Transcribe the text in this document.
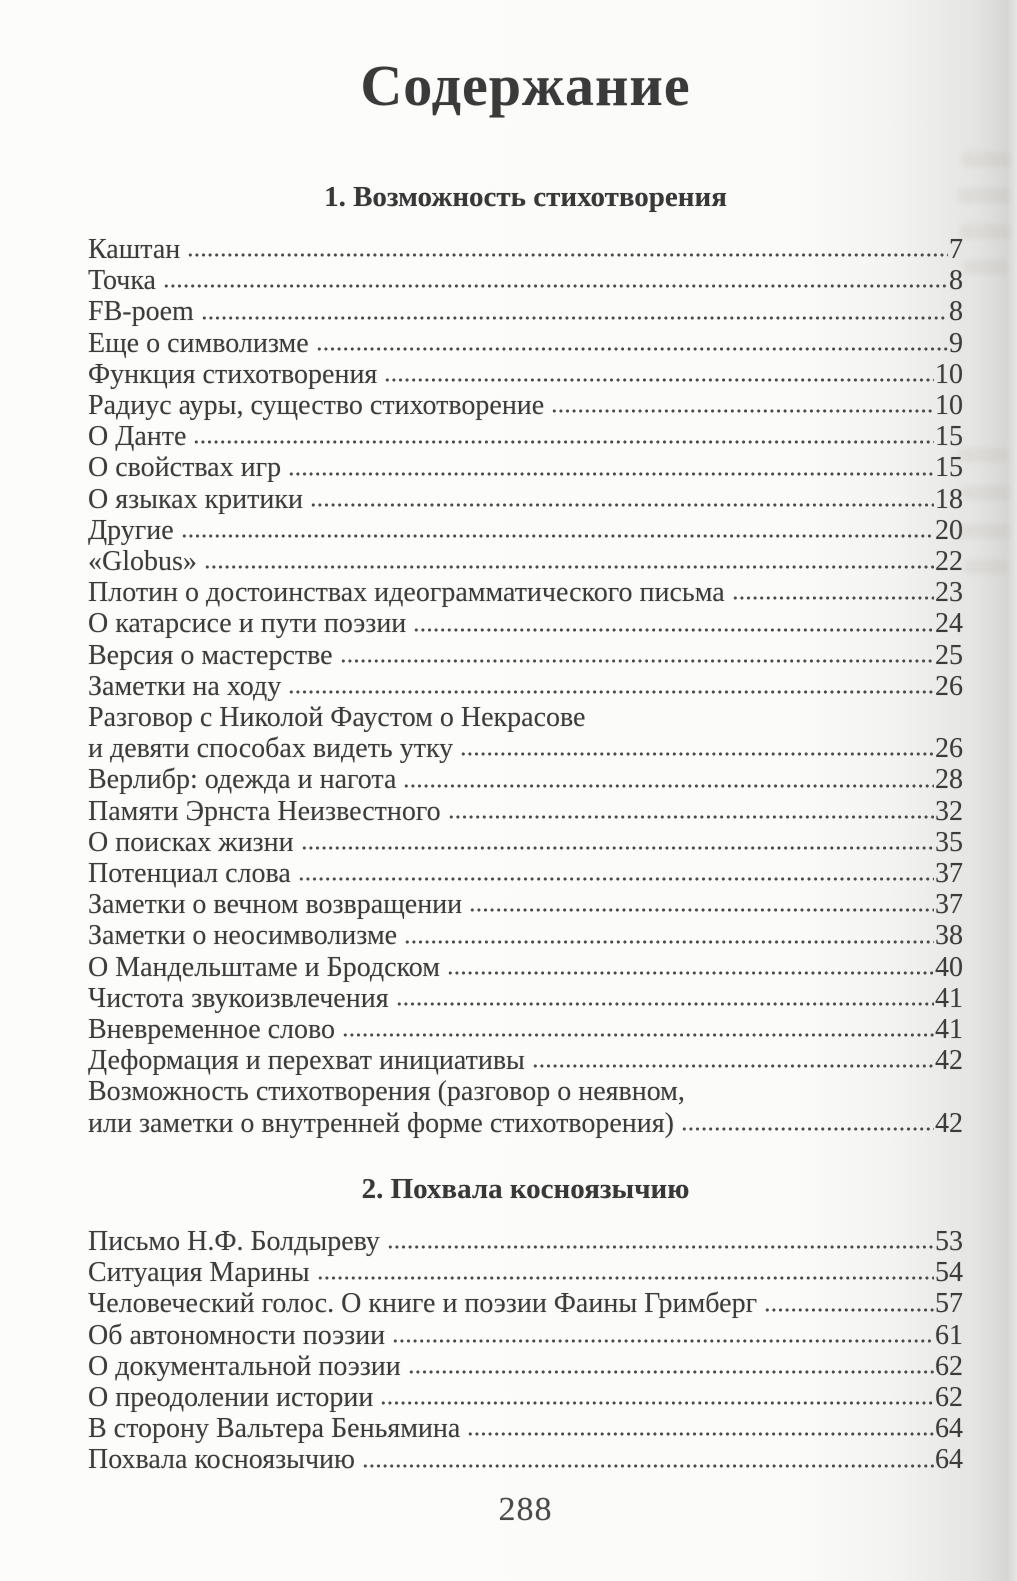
Содержание
1. Возможность стихотворения
Каштан	7
Точка	8
FB-poem	8
Еще о символизме	9
Функция стихотворения	10
Радиус ауры, существо стихотворение	10
О Данте	15
О свойствах игр	15
О языках критики	18
Другие	20
«Globus»	22
Плотин о достоинствах идеограмматического письма	23
О катарсисе и пути поэзии	24
Версия о мастерстве	25
Заметки на ходу	26
Разговор с Николой Фаустом о Некрасове
и девяти способах видеть утку	26
Верлибр: одежда и нагота	28
Памяти Эрнста Неизвестного	32
О поисках жизни	35
Потенциал слова	37
Заметки о вечном возвращении	37
Заметки о неосимволизме	38
О Мандельштаме и Бродском	40
Чистота звукоизвлечения	41
Вневременное слово	41
Деформация и перехват инициативы	42
Возможность стихотворения (разговор о неявном,
или заметки о внутренней форме стихотворения)	42
2. Похвала косноязычию
Письмо Н.Ф. Болдыреву	53
Ситуация Марины	54
Человеческий голос. О книге и поэзии Фаины Гримберг	57
Об автономности поэзии	61
О документальной поэзии	62
О преодолении истории	62
В сторону Вальтера Беньямина	64
Похвала косноязычию	64
288
